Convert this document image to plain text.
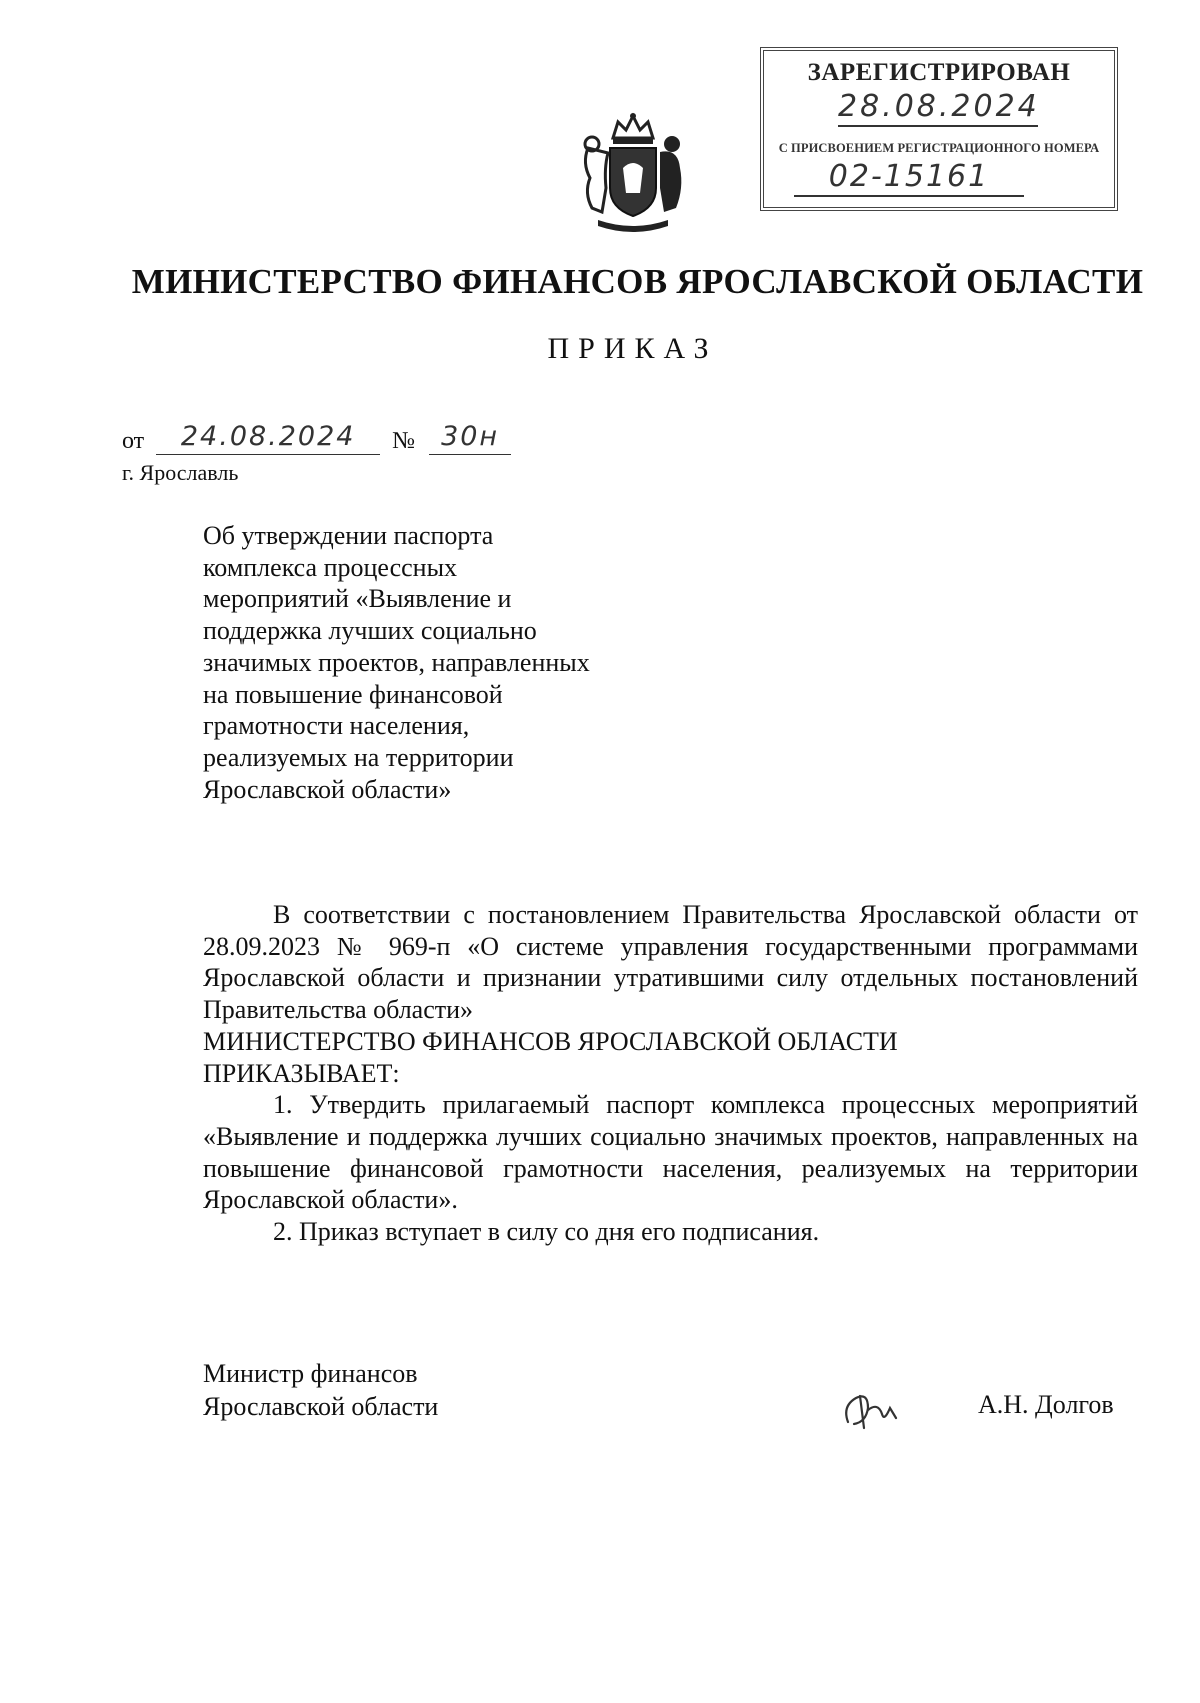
ЗАРЕГИСТРИРОВАН
28.08.2024
С ПРИСВОЕНИЕМ РЕГИСТРАЦИОННОГО НОМЕРА
02-15161
МИНИСТЕРСТВО ФИНАНСОВ ЯРОСЛАВСКОЙ ОБЛАСТИ
ПРИКАЗ
от 24.08.2024 № 30н
г. Ярославль
Об утверждении паспорта комплекса процессных мероприятий «Выявление и поддержка лучших социально значимых проектов, направленных на повышение финансовой грамотности населения, реализуемых на территории Ярославской области»

В соответствии с постановлением Правительства Ярославской области от 28.09.2023 № 969-п «О системе управления государственными программами Ярославской области и признании утратившими силу отдельных постановлений Правительства области»

МИНИСТЕРСТВО ФИНАНСОВ ЯРОСЛАВСКОЙ ОБЛАСТИ

ПРИКАЗЫВАЕТ:

1. Утвердить прилагаемый паспорт комплекса процессных мероприятий «Выявление и поддержка лучших социально значимых проектов, направленных на повышение финансовой грамотности населения, реализуемых на территории Ярославской области».

2. Приказ вступает в силу со дня его подписания.

Министр финансов
Ярославской области	А.Н. Долгов
